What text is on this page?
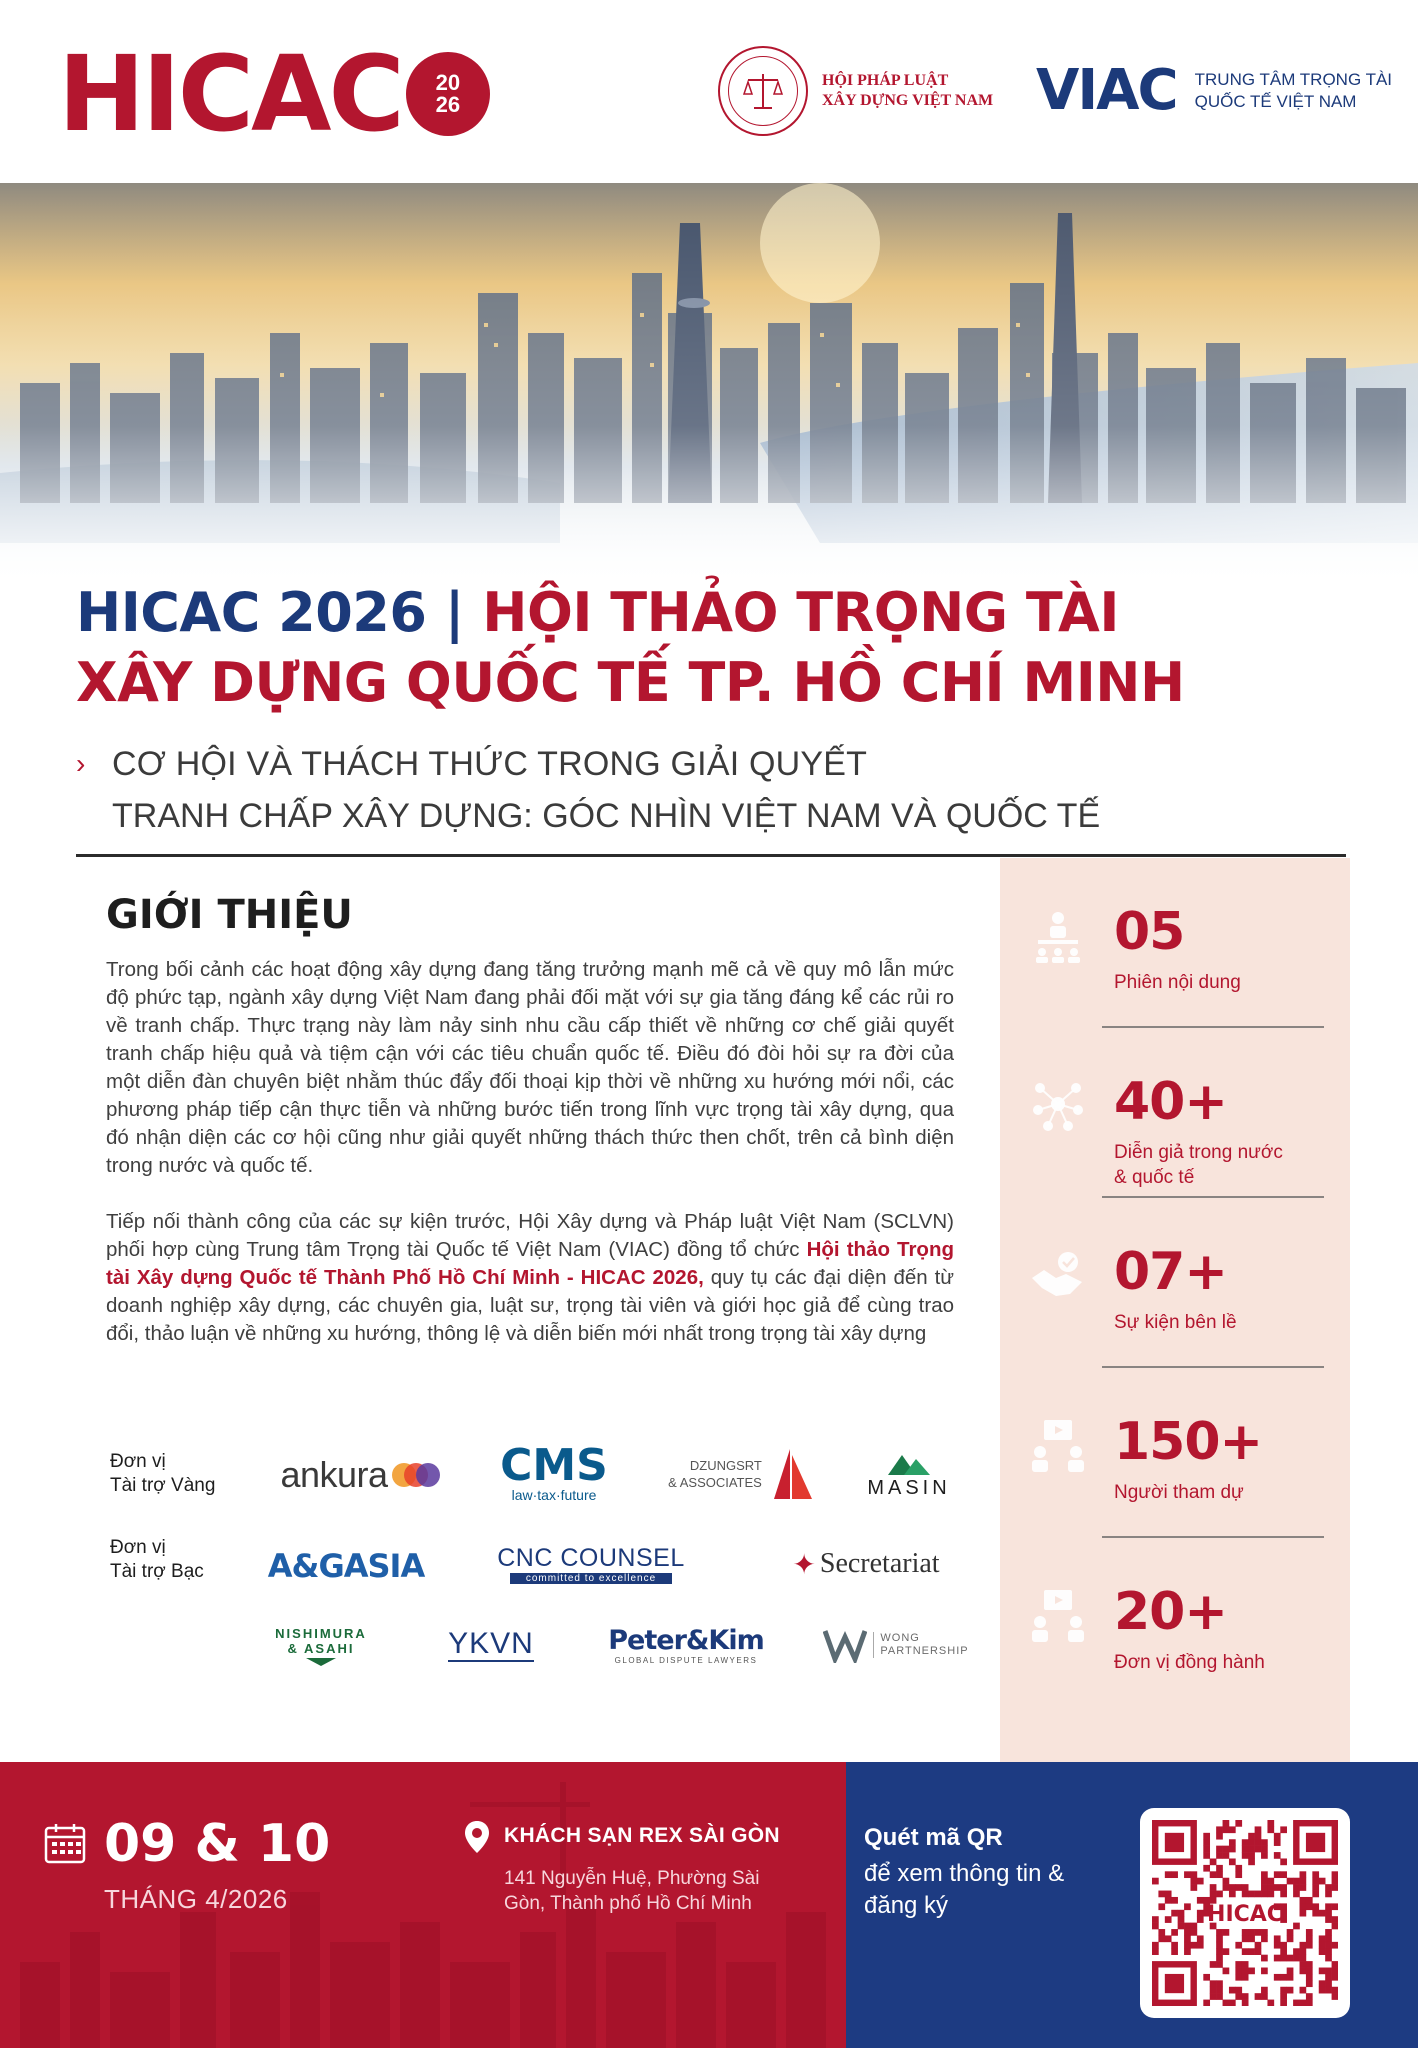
HICAC 20
26
HỘI PHÁP LUẬT
XÂY DỰNG VIỆT NAM VIAC TRUNG TÂM TRỌNG TÀI
QUỐC TẾ VIỆT NAM
HICAC 2026 | HỘI THẢO TRỌNG TÀI
XÂY DỰNG QUỐC TẾ TP. HỒ CHÍ MINH
› CƠ HỘI VÀ THÁCH THỨC TRONG GIẢI QUYẾT
TRANH CHẤP XÂY DỰNG: GÓC NHÌN VIỆT NAM VÀ QUỐC TẾ
GIỚI THIỆU

Trong bối cảnh các hoạt động xây dựng đang tăng trưởng mạnh mẽ cả về quy mô lẫn mức độ phức tạp, ngành xây dựng Việt Nam đang phải đối mặt với sự gia tăng đáng kể các rủi ro về tranh chấp. Thực trạng này làm nảy sinh nhu cầu cấp thiết về những cơ chế giải quyết tranh chấp hiệu quả và tiệm cận với các tiêu chuẩn quốc tế. Điều đó đòi hỏi sự ra đời của một diễn đàn chuyên biệt nhằm thúc đẩy đối thoại kịp thời về những xu hướng mới nổi, các phương pháp tiếp cận thực tiễn và những bước tiến trong lĩnh vực trọng tài xây dựng, qua đó nhận diện các cơ hội cũng như giải quyết những thách thức then chốt, trên cả bình diện trong nước và quốc tế.

Tiếp nối thành công của các sự kiện trước, Hội Xây dựng và Pháp luật Việt Nam (SCLVN) phối hợp cùng Trung tâm Trọng tài Quốc tế Việt Nam (VIAC) đồng tổ chức Hội thảo Trọng tài Xây dựng Quốc tế Thành Phố Hồ Chí Minh - HICAC 2026, quy tụ các đại diện đến từ doanh nghiệp xây dựng, các chuyên gia, luật sư, trọng tài viên và giới học giả để cùng trao đổi, thảo luận về những xu hướng, thông lệ và diễn biến mới nhất trong trọng tài xây dựng

Đơn vị
Tài trợ Vàng ankura	CMS
law·tax·future
DZUNGSRT
& ASSOCIATES	MASIN
Đơn vị
Tài trợ Bạc A&GASIA	CNC COUNSEL
committed to excellence	✦ Secretariat
NISHIMURA
& ASAHI	YKVN	Peter&Kim
GLOBAL DISPUTE LAWYERS
WONG
PARTNERSHIP
05
Phiên nội dung
40+
Diễn giả trong nước
& quốc tế
07+
Sự kiện bên lề
150+
Người tham dự
20+
Đơn vị đồng hành
09 & 10
THÁNG 4/2026
KHÁCH SẠN REX SÀI GÒN
141 Nguyễn Huệ, Phường Sài Gòn, Thành phố Hồ Chí Minh
Quét mã QR
để xem thông tin & đăng ký	HICAC
